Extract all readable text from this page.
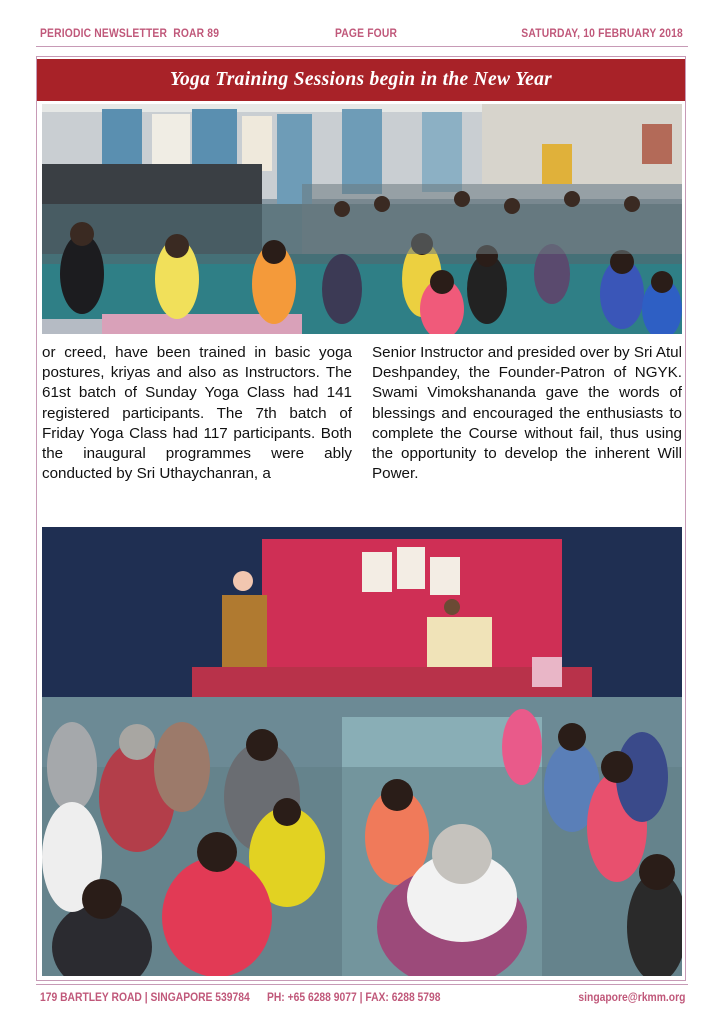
PERIODIC NEWSLETTER  ROAR 89	PAGE FOUR	SATURDAY, 10 FEBRUARY 2018
Yoga Training Sessions begin in the New Year
or creed, have been trained in basic yoga postures, kriyas and also as Instructors. The 61st batch of Sunday Yoga Class had 141 registered participants. The 7th batch of Friday Yoga Class had 117 participants. Both the inaugural programmes were ably conducted by Sri Uthaychanran, a
Senior Instructor and presided over by Sri Atul Deshpandey, the Founder-Patron of NGYK. Swami Vimokshananda gave the words of blessings and encouraged the enthusiasts to complete the Course without fail, thus using the opportunity to develop the inherent Will Power.
179 BARTLEY ROAD | SINGAPORE 539784      PH: +65 6288 9077 | FAX: 6288 5798	singapore@rkmm.org
